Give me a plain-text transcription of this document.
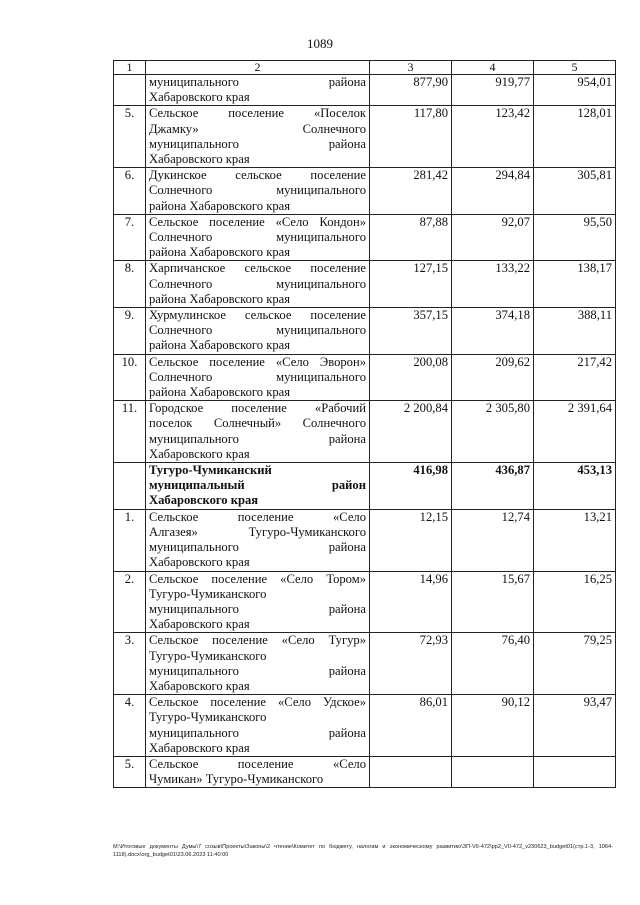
1089
1	2	3	4	5

	муниципального района
Хабаровского края	877,90	919,77	954,01
5.	Сельское поселение «Поселок
Джамку» Солнечного
муниципального района
Хабаровского края	117,80	123,42	128,01
6.	Дукинское сельское поселение
Солнечного муниципального
района Хабаровского края	281,42	294,84	305,81
7.	Сельское поселение «Село Кондон»
Солнечного муниципального
района Хабаровского края	87,88	92,07	95,50
8.	Харпичанское сельское поселение
Солнечного муниципального
района Хабаровского края	127,15	133,22	138,17
9.	Хурмулинское сельское поселение
Солнечного муниципального
района Хабаровского края	357,15	374,18	388,11
10.	Сельское поселение «Село Эворон»
Солнечного муниципального
района Хабаровского края	200,08	209,62	217,42
11.	Городское поселение «Рабочий
поселок Солнечный» Солнечного
муниципального района
Хабаровского края	2 200,84	2 305,80	2 391,64

	Тугуро-Чумиканский
муниципальный район
Хабаровского края	416,98	436,87	453,13
1.	Сельское поселение «Село
Алгазея» Тугуро-Чумиканского
муниципального района
Хабаровского края	12,15	12,74	13,21
2.	Сельское поселение «Село Тором»
Тугуро-Чумиканского
муниципального района
Хабаровского края	14,96	15,67	16,25
3.	Сельское поселение «Село Тугур»
Тугуро-Чумиканского
муниципального района
Хабаровского края	72,93	76,40	79,25
4.	Сельское поселение «Село Удское»
Тугуро-Чумиканского
муниципального района
Хабаровского края	86,01	90,12	93,47
5.	Сельское поселение «Село
Чумикан» Тугуро-Чумиканского			

M:\Итоговые документы Думы\7 созыв\Проекты\Законы\2 чтение\Комитет по бюджету, налогам и экономическому развитию\ЗП-VII-472\рр2_VII-472_v230623_budget01(стр.1-3, 1064-1118).docx\org_budget01\23.06.2023 11:40:00
